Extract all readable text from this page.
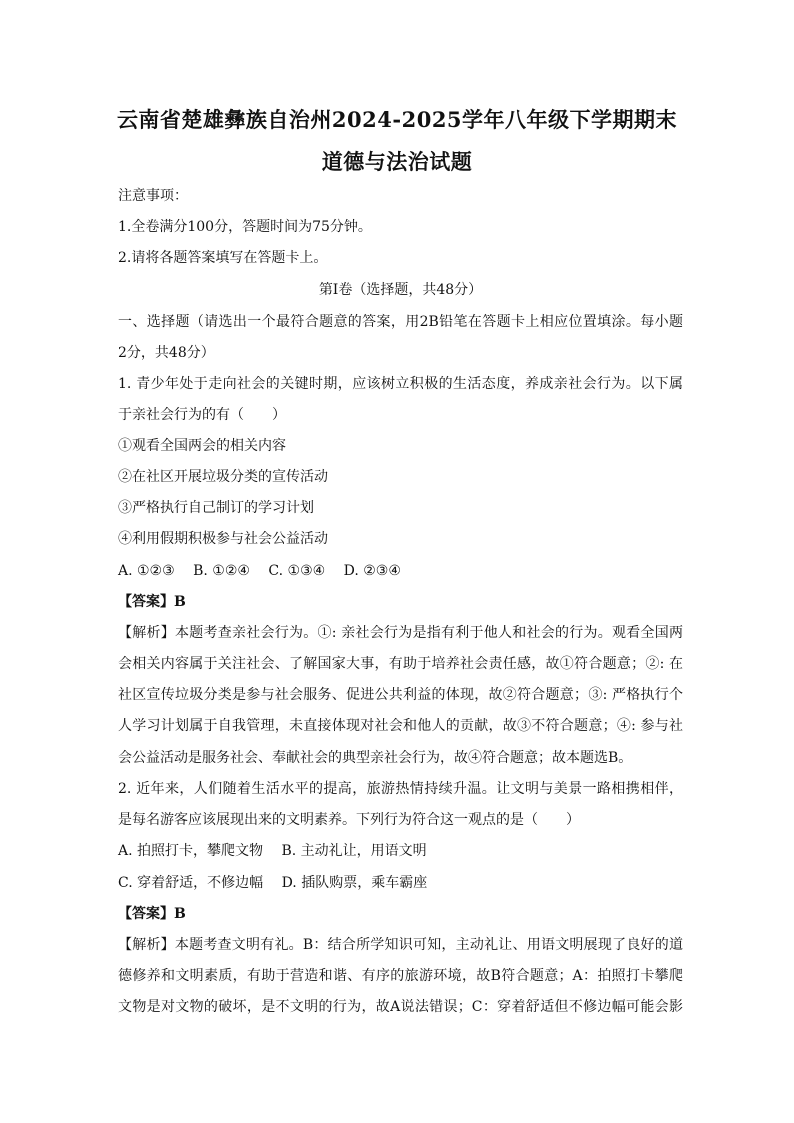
云南省楚雄彝族自治州2024-2025学年八年级下学期期末
道德与法治试题
注意事项：
1.全卷满分100分，答题时间为75分钟。
2.请将各题答案填写在答题卡上。
第I卷（选择题，共48分）
一、选择题（请选出一个最符合题意的答案，用2B铅笔在答题卡上相应位置填涂。每小题
2分，共48分）
1. 青少年处于走向社会的关键时期，应该树立积极的生活态度，养成亲社会行为。以下属
于亲社会行为的有（　　）
①观看全国两会的相关内容
②在社区开展垃圾分类的宣传活动
③严格执行自己制订的学习计划
④利用假期积极参与社会公益活动
A. ①②③　 B. ①②④　 C. ①③④　 D. ②③④
【答案】B
【解析】本题考查亲社会行为。①: 亲社会行为是指有利于他人和社会的行为。观看全国两
会相关内容属于关注社会、了解国家大事，有助于培养社会责任感，故①符合题意；②: 在
社区宣传垃圾分类是参与社会服务、促进公共利益的体现，故②符合题意；③: 严格执行个
人学习计划属于自我管理，未直接体现对社会和他人的贡献，故③不符合题意；④: 参与社
会公益活动是服务社会、奉献社会的典型亲社会行为，故④符合题意；故本题选B。
2. 近年来，人们随着生活水平的提高，旅游热情持续升温。让文明与美景一路相携相伴，
是每名游客应该展现出来的文明素养。下列行为符合这一观点的是（　　）
A. 拍照打卡，攀爬文物　 B. 主动礼让，用语文明
C. 穿着舒适，不修边幅　 D. 插队购票，乘车霸座
【答案】B
【解析】本题考查文明有礼。B：结合所学知识可知，主动礼让、用语文明展现了良好的道
德修养和文明素质，有助于营造和谐、有序的旅游环境，故B符合题意；A：拍照打卡攀爬
文物是对文物的破坏，是不文明的行为，故A说法错误；C：穿着舒适但不修边幅可能会影
